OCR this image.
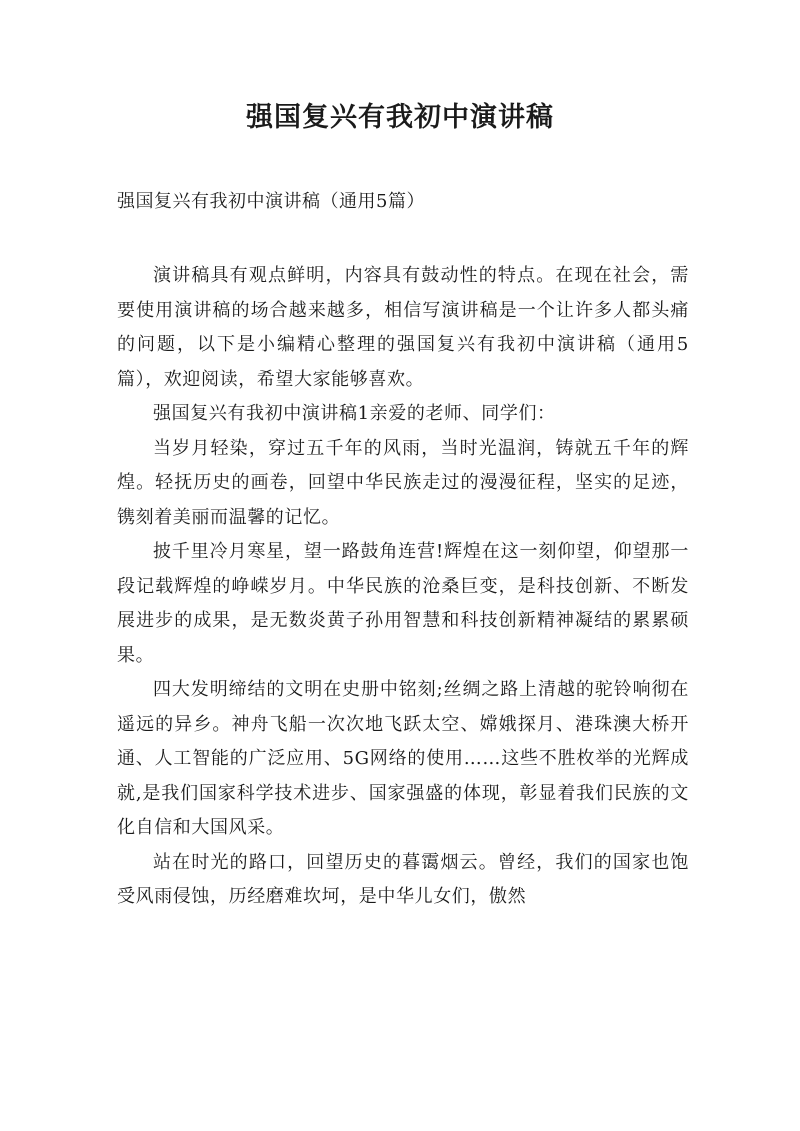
强国复兴有我初中演讲稿
强国复兴有我初中演讲稿（通用5篇）

演讲稿具有观点鲜明，内容具有鼓动性的特点。在现在社会，需要使用演讲稿的场合越来越多，相信写演讲稿是一个让许多人都头痛的问题，以下是小编精心整理的强国复兴有我初中演讲稿（通用5篇），欢迎阅读，希望大家能够喜欢。

强国复兴有我初中演讲稿1亲爱的老师、同学们：

当岁月轻染，穿过五千年的风雨，当时光温润，铸就五千年的辉煌。轻抚历史的画卷，回望中华民族走过的漫漫征程，坚实的足迹，镌刻着美丽而温馨的记忆。

披千里冷月寒星，望一路鼓角连营!辉煌在这一刻仰望，仰望那一段记载辉煌的峥嵘岁月。中华民族的沧桑巨变，是科技创新、不断发展进步的成果，是无数炎黄子孙用智慧和科技创新精神凝结的累累硕果。

四大发明缔结的文明在史册中铭刻;丝绸之路上清越的驼铃响彻在遥远的异乡。神舟飞船一次次地飞跃太空、嫦娥探月、港珠澳大桥开通、人工智能的广泛应用、5G网络的使用……这些不胜枚举的光辉成就,是我们国家科学技术进步、国家强盛的体现，彰显着我们民族的文化自信和大国风采。

站在时光的路口，回望历史的暮霭烟云。曾经，我们的国家也饱受风雨侵蚀，历经磨难坎坷，是中华儿女们，傲然
